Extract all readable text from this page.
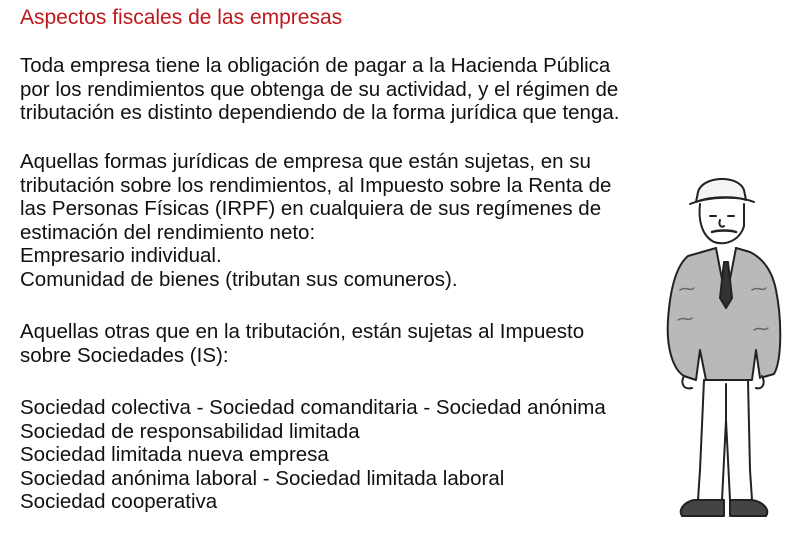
Aspectos fiscales de las empresas
Toda empresa tiene la obligación de pagar a la Hacienda Pública
por los rendimientos que obtenga de su actividad, y el régimen de
tributación es distinto dependiendo de la forma jurídica que tenga.
Aquellas formas jurídicas de empresa que están sujetas, en su
tributación sobre los rendimientos, al Impuesto sobre la Renta de
las Personas Físicas (IRPF) en cualquiera de sus regímenes de
estimación del rendimiento neto:
Empresario individual.
Comunidad de bienes (tributan sus comuneros).
Aquellas otras que en la tributación, están sujetas al Impuesto
sobre Sociedades (IS):
Sociedad colectiva - Sociedad comanditaria - Sociedad anónima
Sociedad de responsabilidad limitada
Sociedad limitada nueva empresa
Sociedad anónima laboral - Sociedad limitada laboral
Sociedad cooperativa
